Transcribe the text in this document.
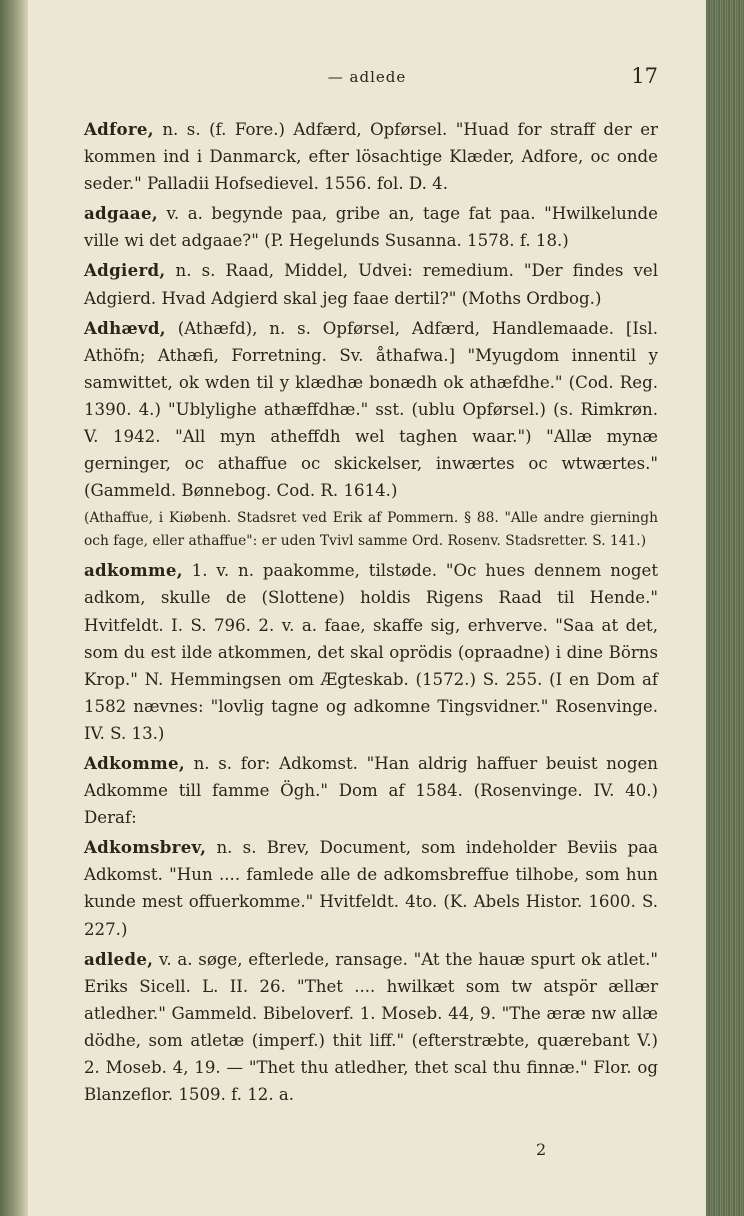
— adlede	17

Adfore, n. s. (f. Fore.) Adfærd, Opførsel. "Huad for straff der er kommen ind i Danmarck, efter lösachtige Klæder, Adfore, oc onde seder." Palladii Hofsedievel. 1556. fol. D. 4.

adgaae, v. a. begynde paa, gribe an, tage fat paa. "Hwilkelunde ville wi det adgaae?" (P. Hegelunds Susanna. 1578. f. 18.)

Adgierd, n. s. Raad, Middel, Udvei: remedium. "Der findes vel Adgierd. Hvad Adgierd skal jeg faae dertil?" (Moths Ordbog.)

Adhævd, (Athæfd), n. s. Opførsel, Adfærd, Handlemaade. [Isl. Athöfn; Athæfi, Forretning. Sv. åthafwa.] "Myugdom innentil y samwittet, ok wden til y klædhæ bonædh ok athæfdhe." (Cod. Reg. 1390. 4.) "Ublylighe athæffdhæ." sst. (ublu Opførsel.) (s. Rimkrøn. V. 1942. "All myn atheffdh wel taghen waar.") "Allæ mynæ gerninger, oc athaffue oc skickelser, inwærtes oc wtwærtes." (Gammeld. Bønnebog. Cod. R. 1614.)

(Athaffue, i Kiøbenh. Stadsret ved Erik af Pommern. § 88. "Alle andre gierningh och fage, eller athaffue": er uden Tvivl samme Ord. Rosenv. Stadsretter. S. 141.)

adkomme, 1. v. n. paakomme, tilstøde. "Oc hues dennem noget adkom, skulle de (Slottene) holdis Rigens Raad til Hende." Hvitfeldt. I. S. 796. 2. v. a. faae, skaffe sig, erhverve. "Saa at det, som du est ilde atkommen, det skal oprödis (opraadne) i dine Börns Krop." N. Hemmingsen om Ægteskab. (1572.) S. 255. (I en Dom af 1582 nævnes: "lovlig tagne og adkomne Tingsvidner." Rosenvinge. IV. S. 13.)

Adkomme, n. s. for: Adkomst. "Han aldrig haffuer beuist nogen Adkomme till famme Ögh." Dom af 1584. (Rosenvinge. IV. 40.) Deraf:

Adkomsbrev, n. s. Brev, Document, som indeholder Beviis paa Adkomst. "Hun .... famlede alle de adkomsbreffue tilhobe, som hun kunde mest offuerkomme." Hvitfeldt. 4to. (K. Abels Histor. 1600. S. 227.)

adlede, v. a. søge, efterlede, ransage. "At the hauæ spurt ok atlet." Eriks Sicell. L. II. 26. "Thet .... hwilkæt som tw atspör ællær atledher." Gammeld. Bibeloverf. 1. Moseb. 44, 9. "The æræ nw allæ dödhe, som atletæ (imperf.) thit liff." (efterstræbte, quærebant V.) 2. Moseb. 4, 19. — "Thet thu atledher, thet scal thu finnæ." Flor. og Blanzeflor. 1509. f. 12. a.

2
